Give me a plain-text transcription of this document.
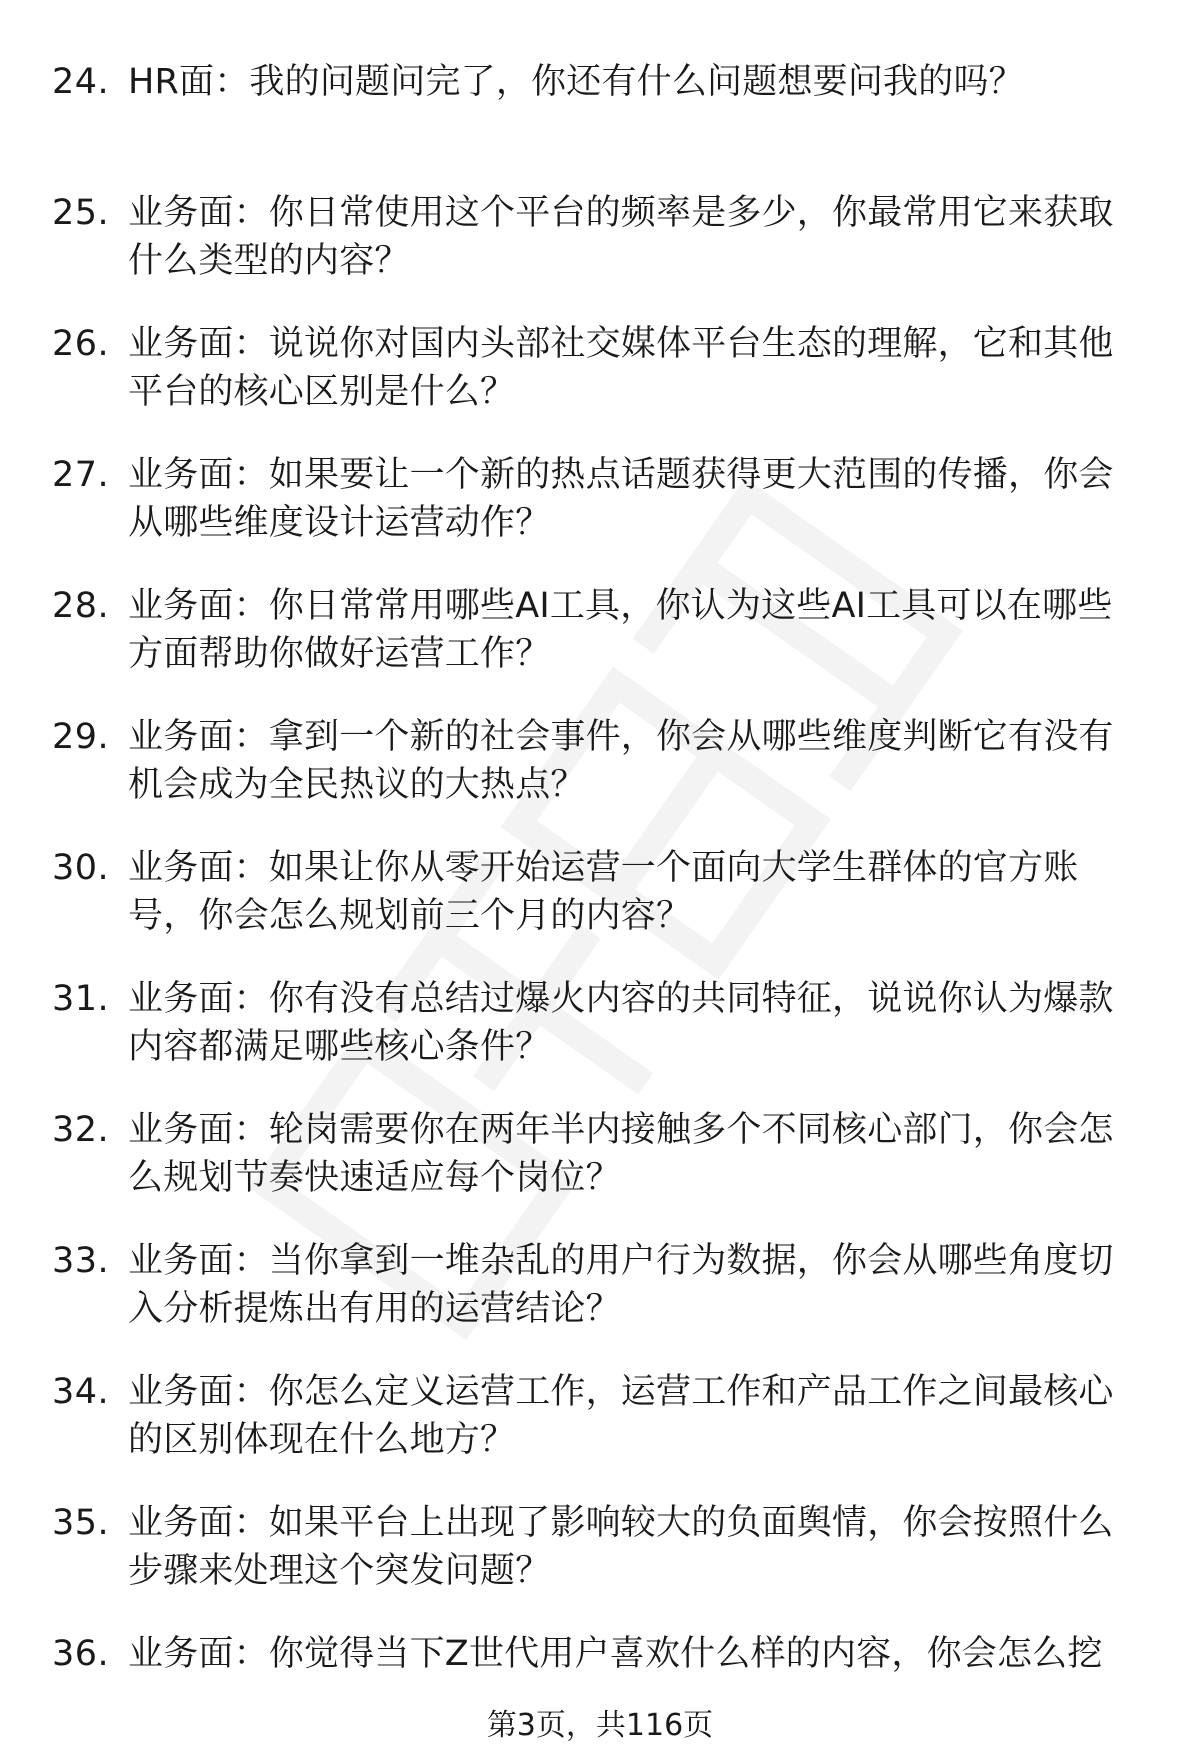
24. HR面：我的问题问完了，你还有什么问题想要问我的吗？
25. 业务面：你日常使用这个平台的频率是多少，你最常用它来获取什么类型的内容？
26. 业务面：说说你对国内头部社交媒体平台生态的理解，它和其他平台的核心区别是什么？
27. 业务面：如果要让一个新的热点话题获得更大范围的传播，你会从哪些维度设计运营动作？
28. 业务面：你日常常用哪些AI工具，你认为这些AI工具可以在哪些方面帮助你做好运营工作？
29. 业务面：拿到一个新的社会事件，你会从哪些维度判断它有没有机会成为全民热议的大热点？
30. 业务面：如果让你从零开始运营一个面向大学生群体的官方账号，你会怎么规划前三个月的内容？
31. 业务面：你有没有总结过爆火内容的共同特征，说说你认为爆款内容都满足哪些核心条件？
32. 业务面：轮岗需要你在两年半内接触多个不同核心部门，你会怎么规划节奏快速适应每个岗位？
33. 业务面：当你拿到一堆杂乱的用户行为数据，你会从哪些角度切入分析提炼出有用的运营结论？
34. 业务面：你怎么定义运营工作，运营工作和产品工作之间最核心的区别体现在什么地方？
35. 业务面：如果平台上出现了影响较大的负面舆情，你会按照什么步骤来处理这个突发问题？
36. 业务面：你觉得当下Z世代用户喜欢什么样的内容，你会怎么挖
第3页，共116页
